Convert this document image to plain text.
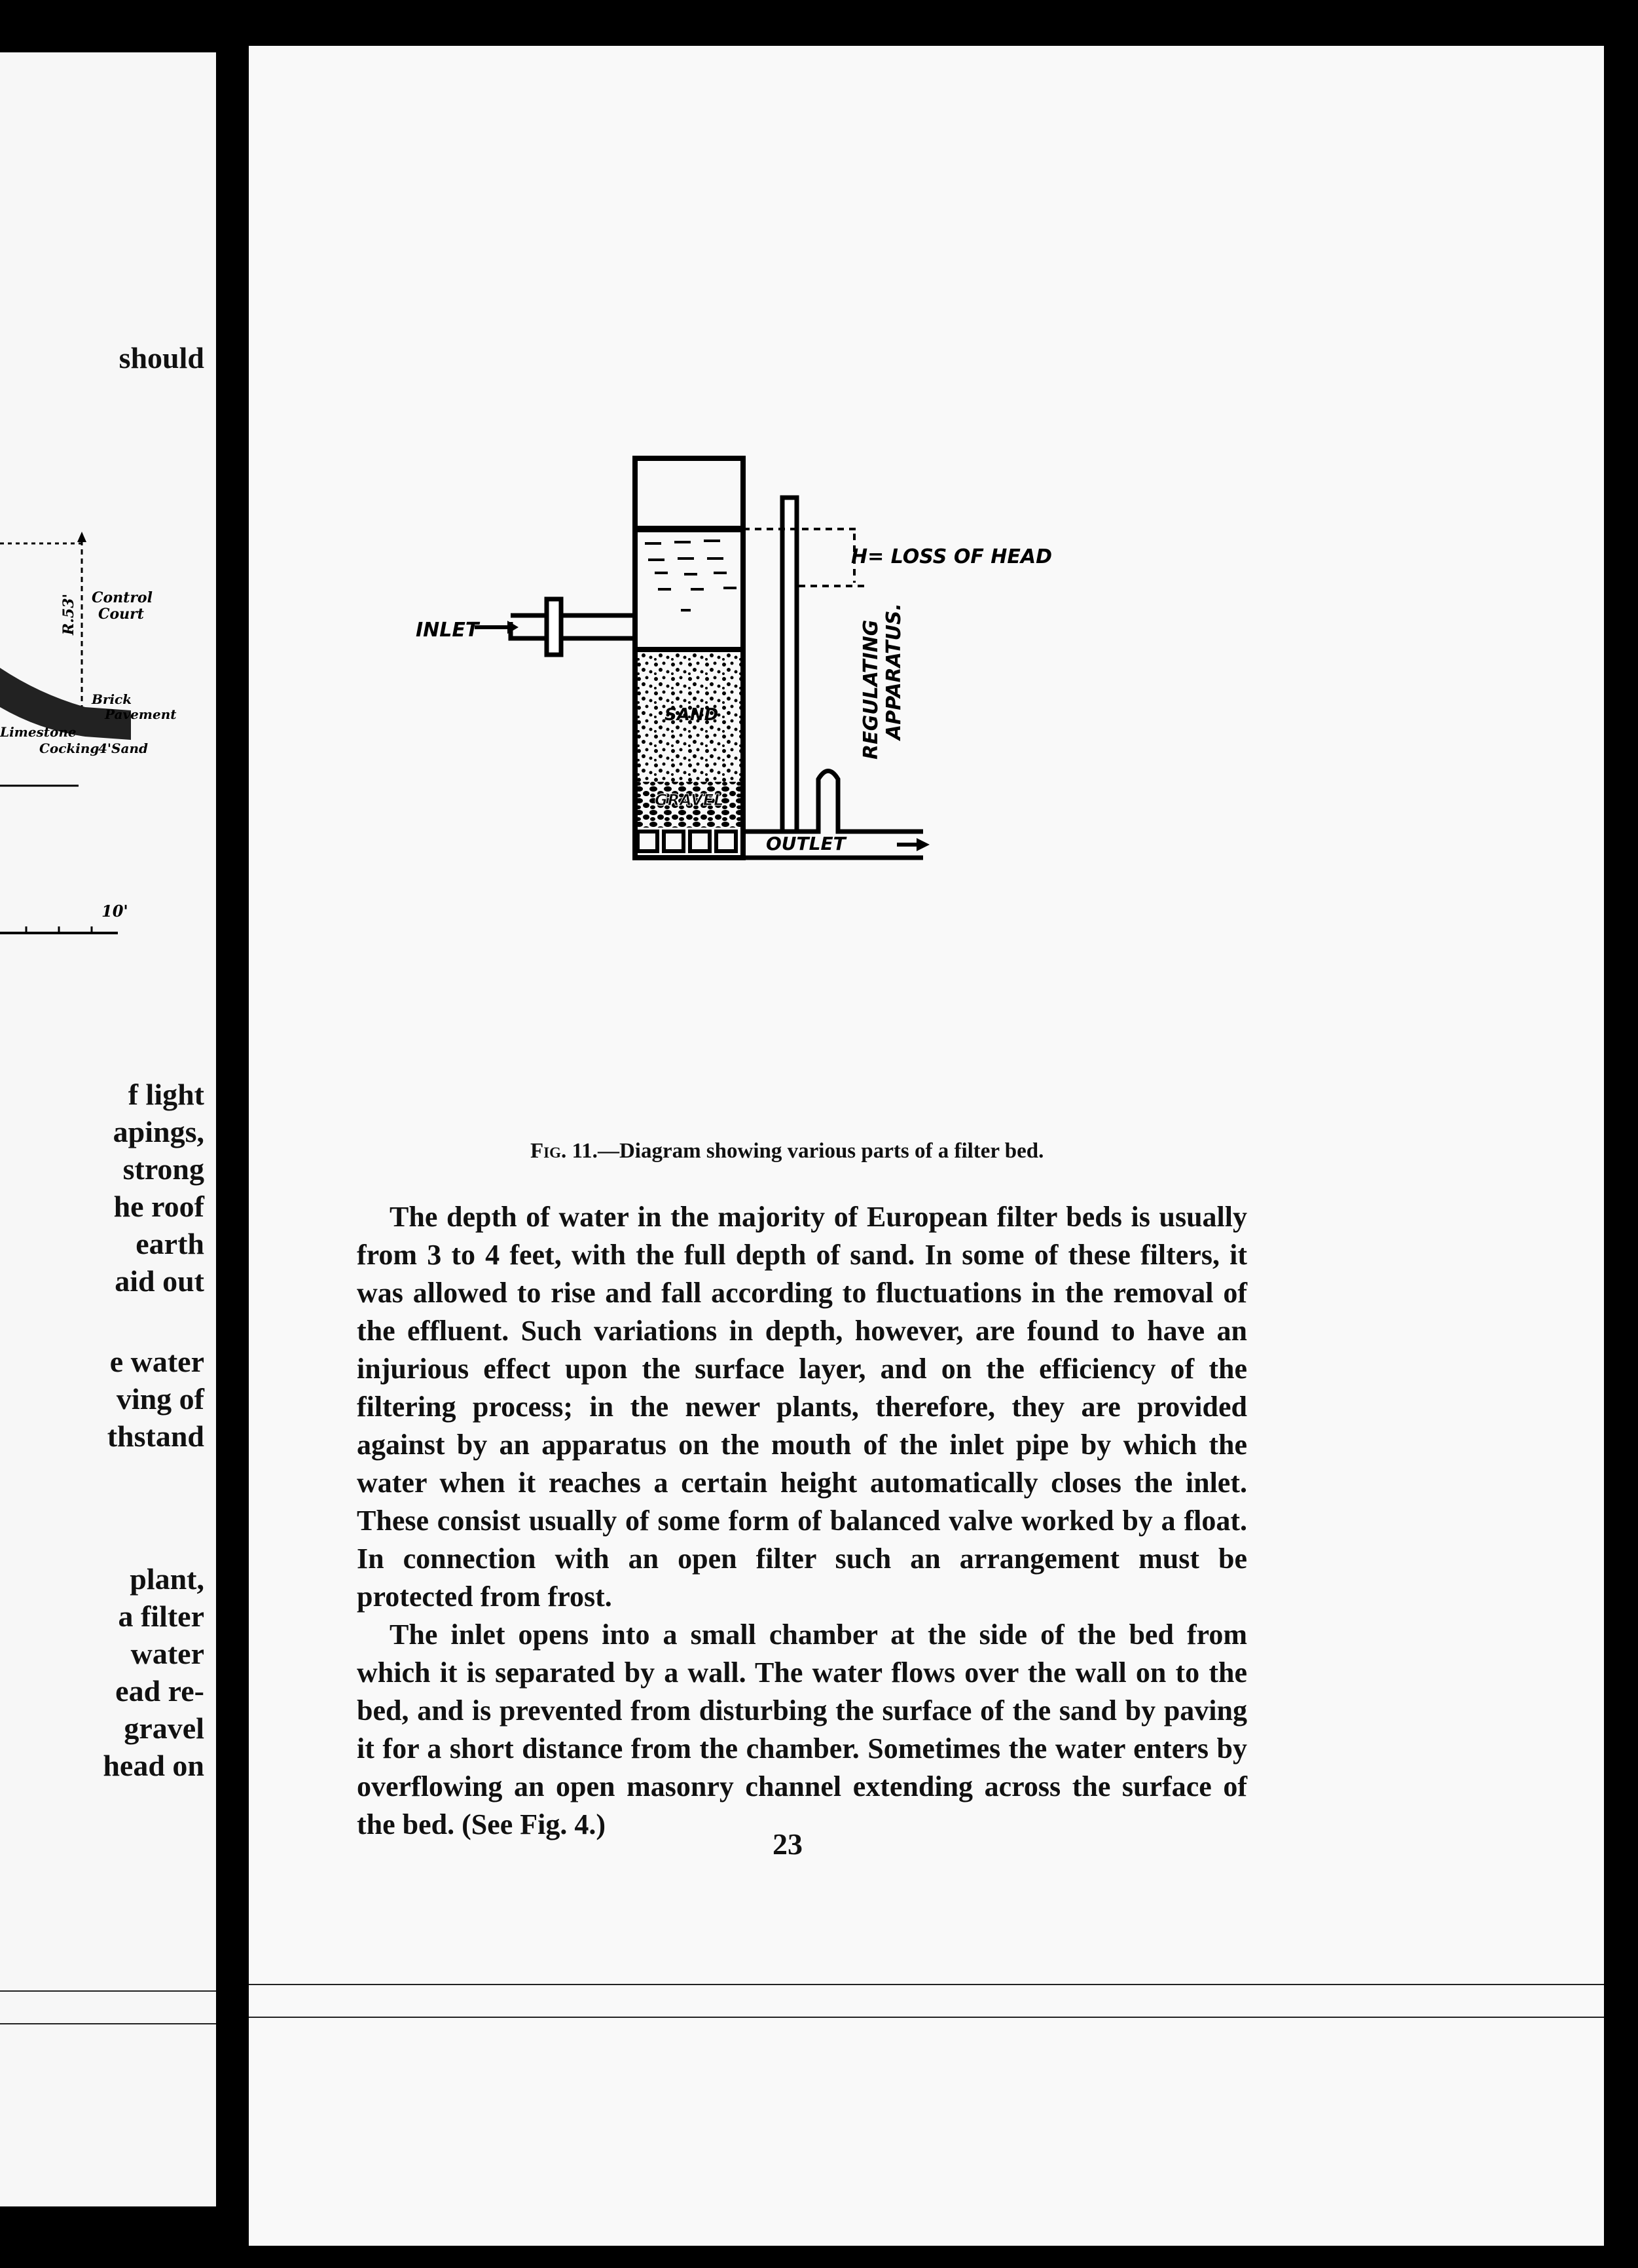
should
Control
Court
R.53'
Brick
Pavement
Limestone
Cocking
4'Sand
10'
f light
apings,
strong
he roof
earth
aid out
e water
ving of
thstand
plant,
a filter
water
ead re-
gravel
head on
SAND
GRAVEL
INLET
OUTLET
H= LOSS OF HEAD
REGULATING APPARATUS.
Fig. 11.—Diagram showing various parts of a filter bed.

The depth of water in the majority of European filter beds is usually from 3 to 4 feet, with the full depth of sand. In some of these filters, it was allowed to rise and fall according to fluctuations in the removal of the effluent. Such variations in depth, however, are found to have an injurious effect upon the surface layer, and on the efficiency of the filtering process; in the newer plants, therefore, they are provided against by an apparatus on the mouth of the inlet pipe by which the water when it reaches a certain height automatically closes the inlet. These consist usually of some form of balanced valve worked by a float. In connection with an open filter such an arrangement must be protected from frost.

The inlet opens into a small chamber at the side of the bed from which it is separated by a wall. The water flows over the wall on to the bed, and is prevented from disturbing the surface of the sand by paving it for a short distance from the chamber. Sometimes the water enters by overflowing an open masonry channel extending across the surface of the bed. (See Fig. 4.)

23
